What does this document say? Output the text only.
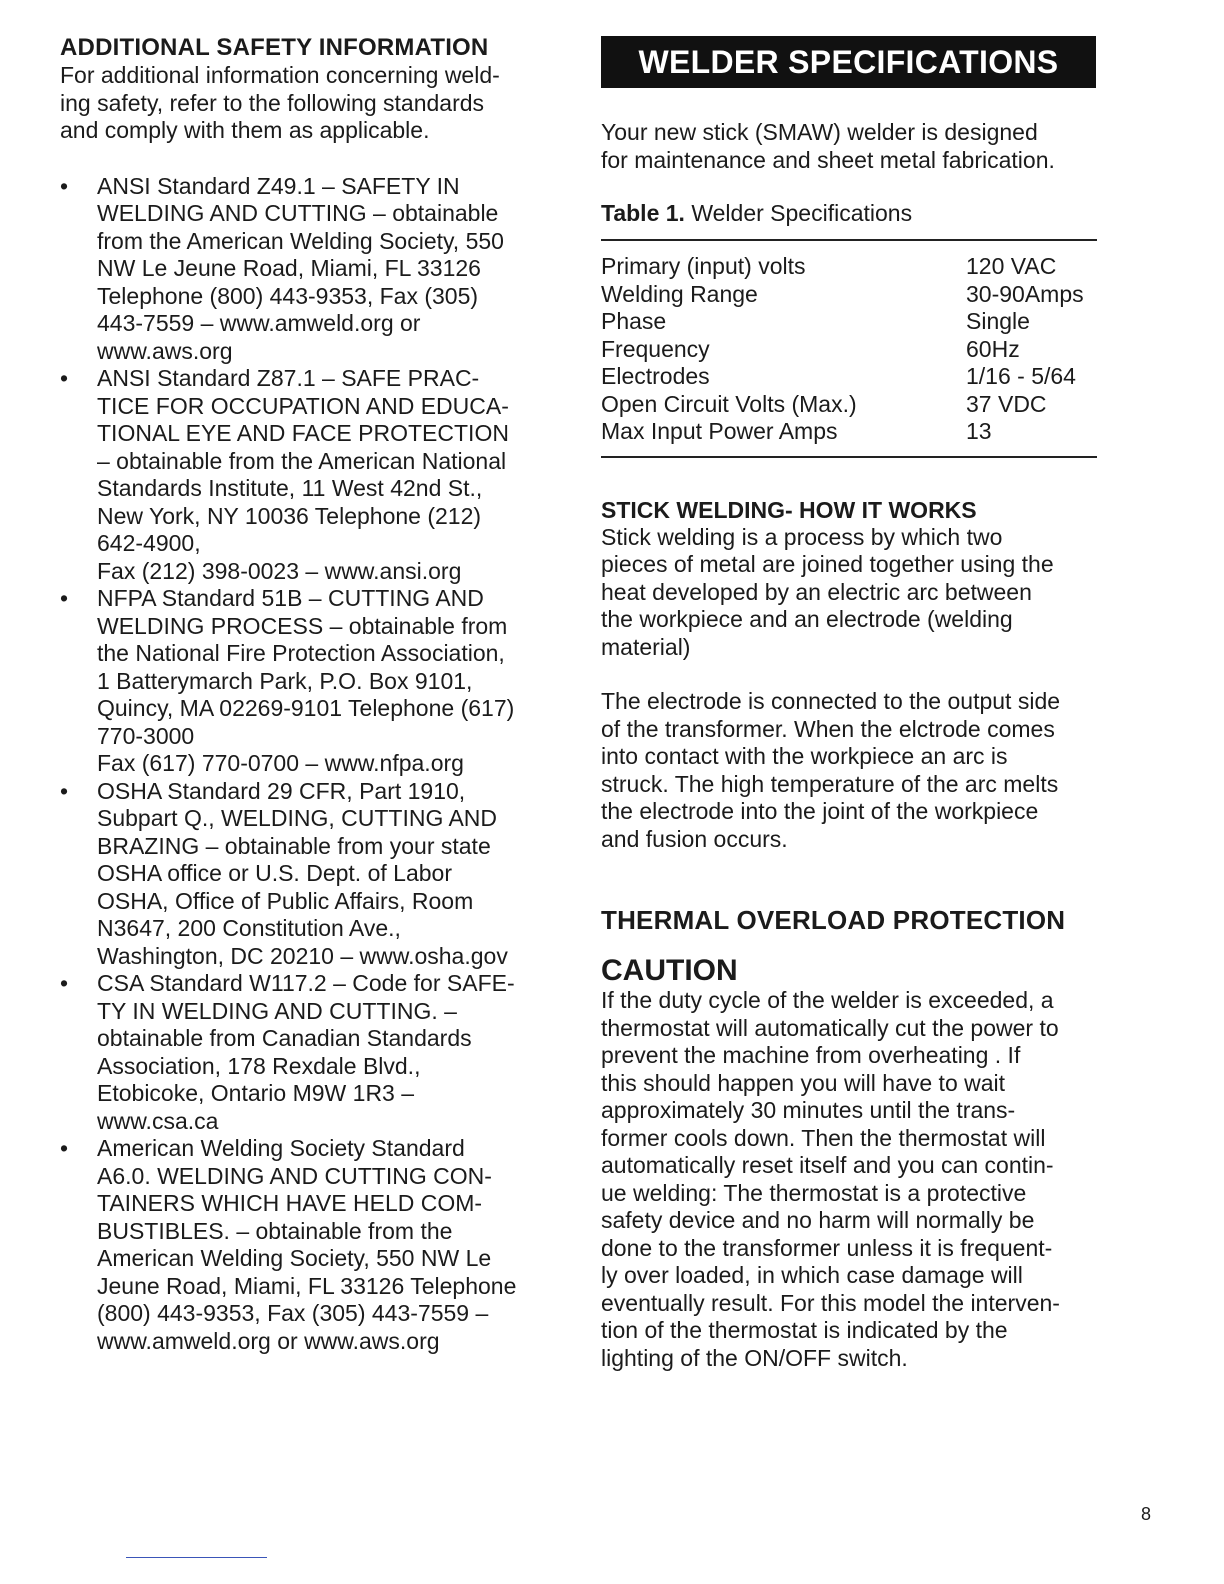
ADDITIONAL SAFETY INFORMATION

For additional information concerning weld-
ing safety, refer to the following standards
and comply with them as applicable.

• ANSI Standard Z49.1 – SAFETY IN
WELDING AND CUTTING – obtainable
from the American Welding Society, 550
NW Le Jeune Road, Miami, FL 33126
Telephone (800) 443-9353, Fax (305)
443-7559 – www.amweld.org or
www.aws.org
• ANSI Standard Z87.1 – SAFE PRAC-
TICE FOR OCCUPATION AND EDUCA-
TIONAL EYE AND FACE PROTECTION
– obtainable from the American National
Standards Institute, 11 West 42nd St.,
New York, NY 10036 Telephone (212)
642-4900,
Fax (212) 398-0023 – www.ansi.org
• NFPA Standard 51B – CUTTING AND
WELDING PROCESS – obtainable from
the National Fire Protection Association,
1 Batterymarch Park, P.O. Box 9101,
Quincy, MA 02269-9101 Telephone (617)
770-3000
Fax (617) 770-0700 – www.nfpa.org
• OSHA Standard 29 CFR, Part 1910,
Subpart Q., WELDING, CUTTING AND
BRAZING – obtainable from your state
OSHA office or U.S. Dept. of Labor
OSHA, Office of Public Affairs, Room
N3647, 200 Constitution Ave.,
Washington, DC 20210 – www.osha.gov
• CSA Standard W117.2 – Code for SAFE-
TY IN WELDING AND CUTTING. –
obtainable from Canadian Standards
Association, 178 Rexdale Blvd.,
Etobicoke, Ontario M9W 1R3 –
www.csa.ca
• American Welding Society Standard
A6.0. WELDING AND CUTTING CON-
TAINERS WHICH HAVE HELD COM-
BUSTIBLES. – obtainable from the
American Welding Society, 550 NW Le
Jeune Road, Miami, FL 33126 Telephone
(800) 443-9353, Fax (305) 443-7559 –
www.amweld.org or www.aws.org
WELDER SPECIFICATIONS

Your new stick (SMAW) welder is designed
for maintenance and sheet metal fabrication.

Table 1. Welder Specifications
Primary (input) volts	120 VAC
Welding Range	30-90Amps
Phase	Single
Frequency	60Hz
Electrodes	1/16 - 5/64
Open Circuit Volts (Max.)	37 VDC
Max Input Power Amps	13
STICK WELDING- HOW IT WORKS

Stick welding is a process by which two
pieces of metal are joined together using the
heat developed by an electric arc between
the workpiece and an electrode (welding
material)

The electrode is connected to the output side
of the transformer. When the elctrode comes
into contact with the workpiece an arc is
struck. The high temperature of the arc melts
the electrode into the joint of the workpiece
and fusion occurs.

THERMAL OVERLOAD PROTECTION
CAUTION

If the duty cycle of the welder is exceeded, a
thermostat will automatically cut the power to
prevent the machine from overheating . If
this should happen you will have to wait
approximately 30 minutes until the trans-
former cools down. Then the thermostat will
automatically reset itself and you can contin-
ue welding: The thermostat is a protective
safety device and no harm will normally be
done to the transformer unless it is frequent-
ly over loaded, in which case damage will
eventually result. For this model the interven-
tion of the thermostat is indicated by the
lighting of the ON/OFF switch.

8
